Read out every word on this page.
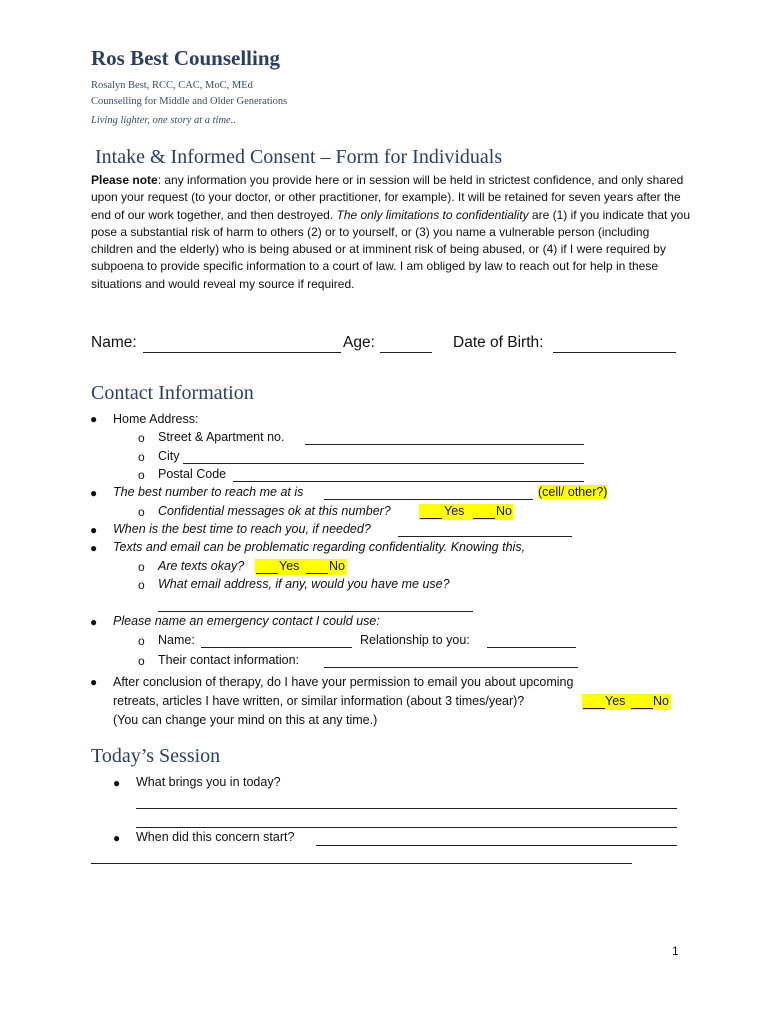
Ros Best Counselling
Rosalyn Best, RCC, CAC, MoC, MEd
Counselling for Middle and Older Generations
Living lighter, one story at a time..
Intake & Informed Consent – Form for Individuals
Please note: any information you provide here or in session will be held in strictest confidence, and only shared upon your request (to your doctor, or other practitioner, for example). It will be retained for seven years after the end of our work together, and then destroyed. The only limitations to confidentiality are (1) if you indicate that you pose a substantial risk of harm to others (2) or to yourself, or (3) you name a vulnerable person (including children and the elderly) who is being abused or at imminent risk of being abused, or (4) if I were required by subpoena to provide specific information to a court of law. I am obliged by law to reach out for help in these situations and would reveal my source if required.
Name:	Age:	Date of Birth:
Contact Information
● Home Address:
o Street & Apartment no.
o City
o Postal Code
● The best number to reach me at is	(cell/ other?)
o Confidential messages ok at this number?	Yes	No
● When is the best time to reach you, if needed?
● Texts and email can be problematic regarding confidentiality. Knowing this,
o Are texts okay?	Yes No
o What email address, if any, would you have me use?
● Please name an emergency contact I could use:
o Name:	Relationship to you:
o Their contact information:
● After conclusion of therapy, do I have your permission to email you about upcoming
retreats, articles I have written, or similar information (about 3 times/year)?	Yes No
(You can change your mind on this at any time.)
Today’s Session
● What brings you in today?
● When did this concern start?
1
